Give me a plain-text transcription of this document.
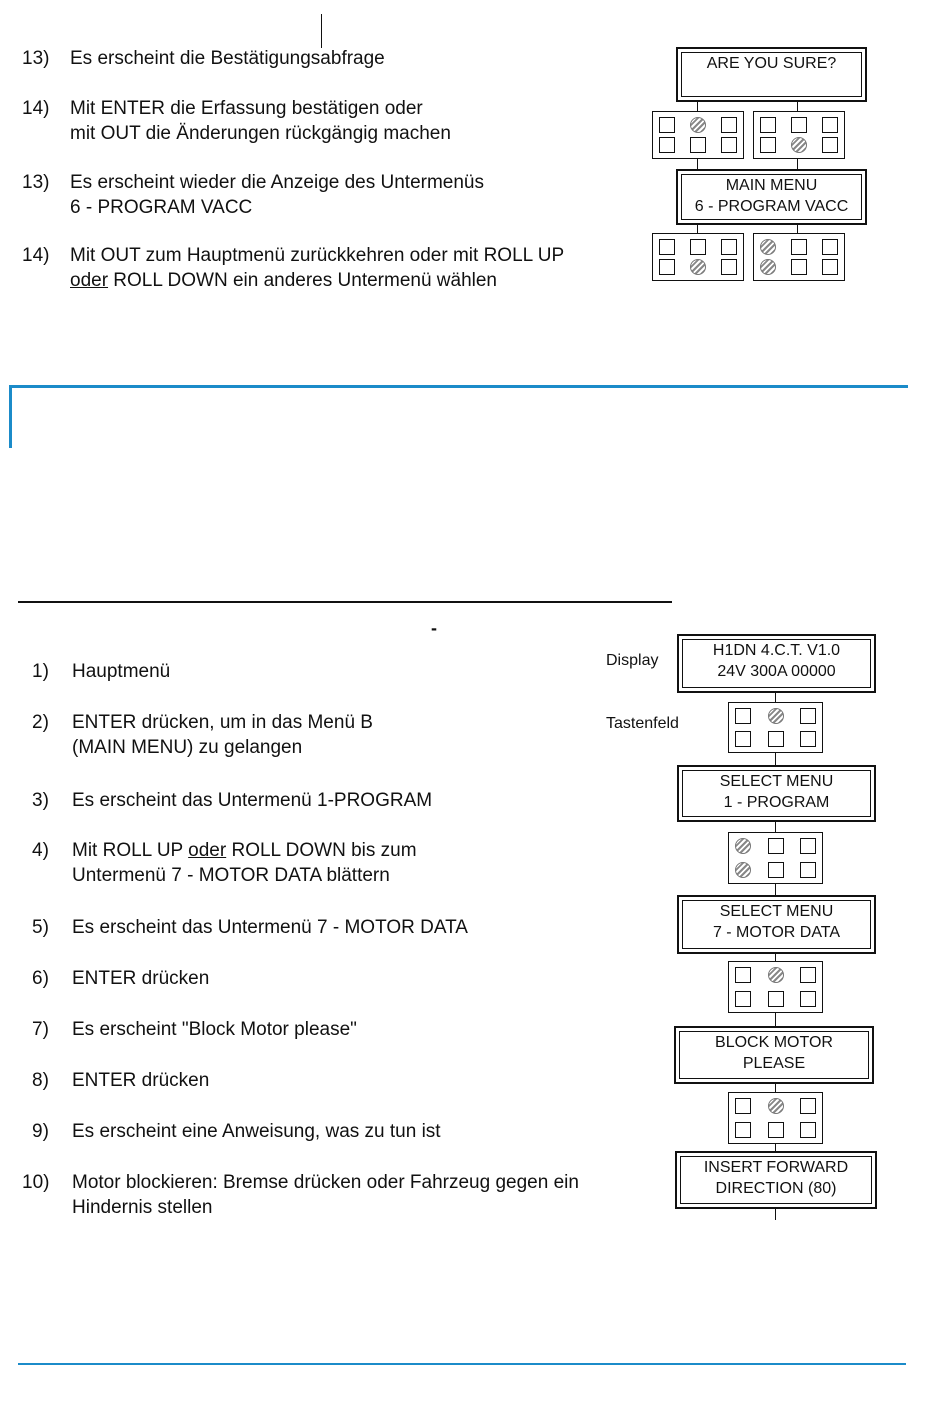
13) Es erscheint die Bestätigungsabfrage
14) Mit ENTER die Erfassung bestätigen oder
mit OUT die Änderungen rückgängig machen
13) Es erscheint wieder die Anzeige des Untermenüs
6 - PROGRAM VACC
14) Mit OUT zum Hauptmenü zurückkehren oder mit ROLL UP
oder ROLL DOWN ein anderes Untermenü wählen
ARE YOU SURE?
MAIN MENU
6 - PROGRAM VACC
-
Display
Tastenfeld
1) Hauptmenü
2) ENTER drücken, um in das Menü B
(MAIN MENU) zu gelangen
3) Es erscheint das Untermenü 1-PROGRAM
4) Mit ROLL UP oder ROLL DOWN bis zum
Untermenü 7 - MOTOR DATA blättern
5) Es erscheint das Untermenü 7 - MOTOR DATA
6) ENTER drücken
7) Es erscheint "Block Motor please"
8) ENTER drücken
9) Es erscheint eine Anweisung, was zu tun ist
10) Motor blockieren: Bremse drücken oder Fahrzeug gegen ein
Hindernis stellen
H1DN 4.C.T. V1.0
24V 300A 00000
SELECT MENU
1 - PROGRAM
SELECT MENU
7 - MOTOR DATA
BLOCK MOTOR
PLEASE
INSERT FORWARD
DIRECTION (80)
